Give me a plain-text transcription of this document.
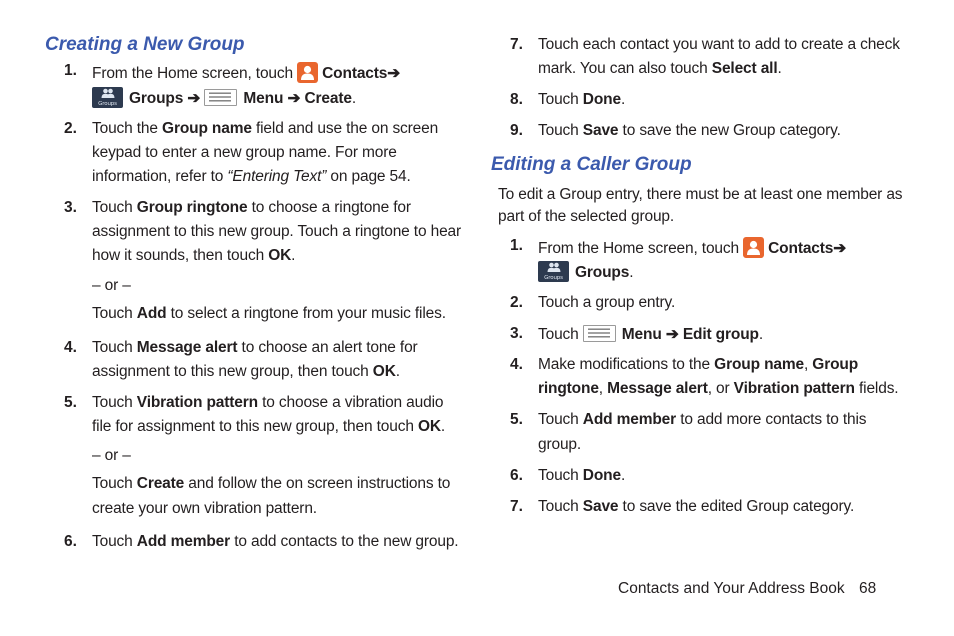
Creating a New Group
1. From the Home screen, touch
Contacts➔
Groups Groups ➔	Menu ➔ Create.
2. Touch the Group name field and use the on screen
keypad to enter a new group name. For more
information, refer to “Entering Text” on page 54.
3. Touch Group ringtone to choose a ringtone for
assignment to this new group. Touch a ringtone to hear
how it sounds, then touch OK.
– or –
Touch Add to select a ringtone from your music files.
4. Touch Message alert to choose an alert tone for
assignment to this new group, then touch OK.
5. Touch Vibration pattern to choose a vibration audio
file for assignment to this new group, then touch OK.
– or –
Touch Create and follow the on screen instructions to
create your own vibration pattern.
6. Touch Add member to add contacts to the new group.
7. Touch each contact you want to add to create a check
mark. You can also touch Select all.
8. Touch Done.
9. Touch Save to save the new Group category.
Editing a Caller Group
To edit a Group entry, there must be at least one member as
part of the selected group.
1. From the Home screen, touch
Contacts➔
Groups Groups.
2. Touch a group entry.
3. Touch	Menu ➔ Edit group.
4. Make modifications to the Group name, Group
ringtone, Message alert, or Vibration pattern fields.
5. Touch Add member to add more contacts to this
group.
6. Touch Done.
7. Touch Save to save the edited Group category.
Contacts and Your Address Book 68
